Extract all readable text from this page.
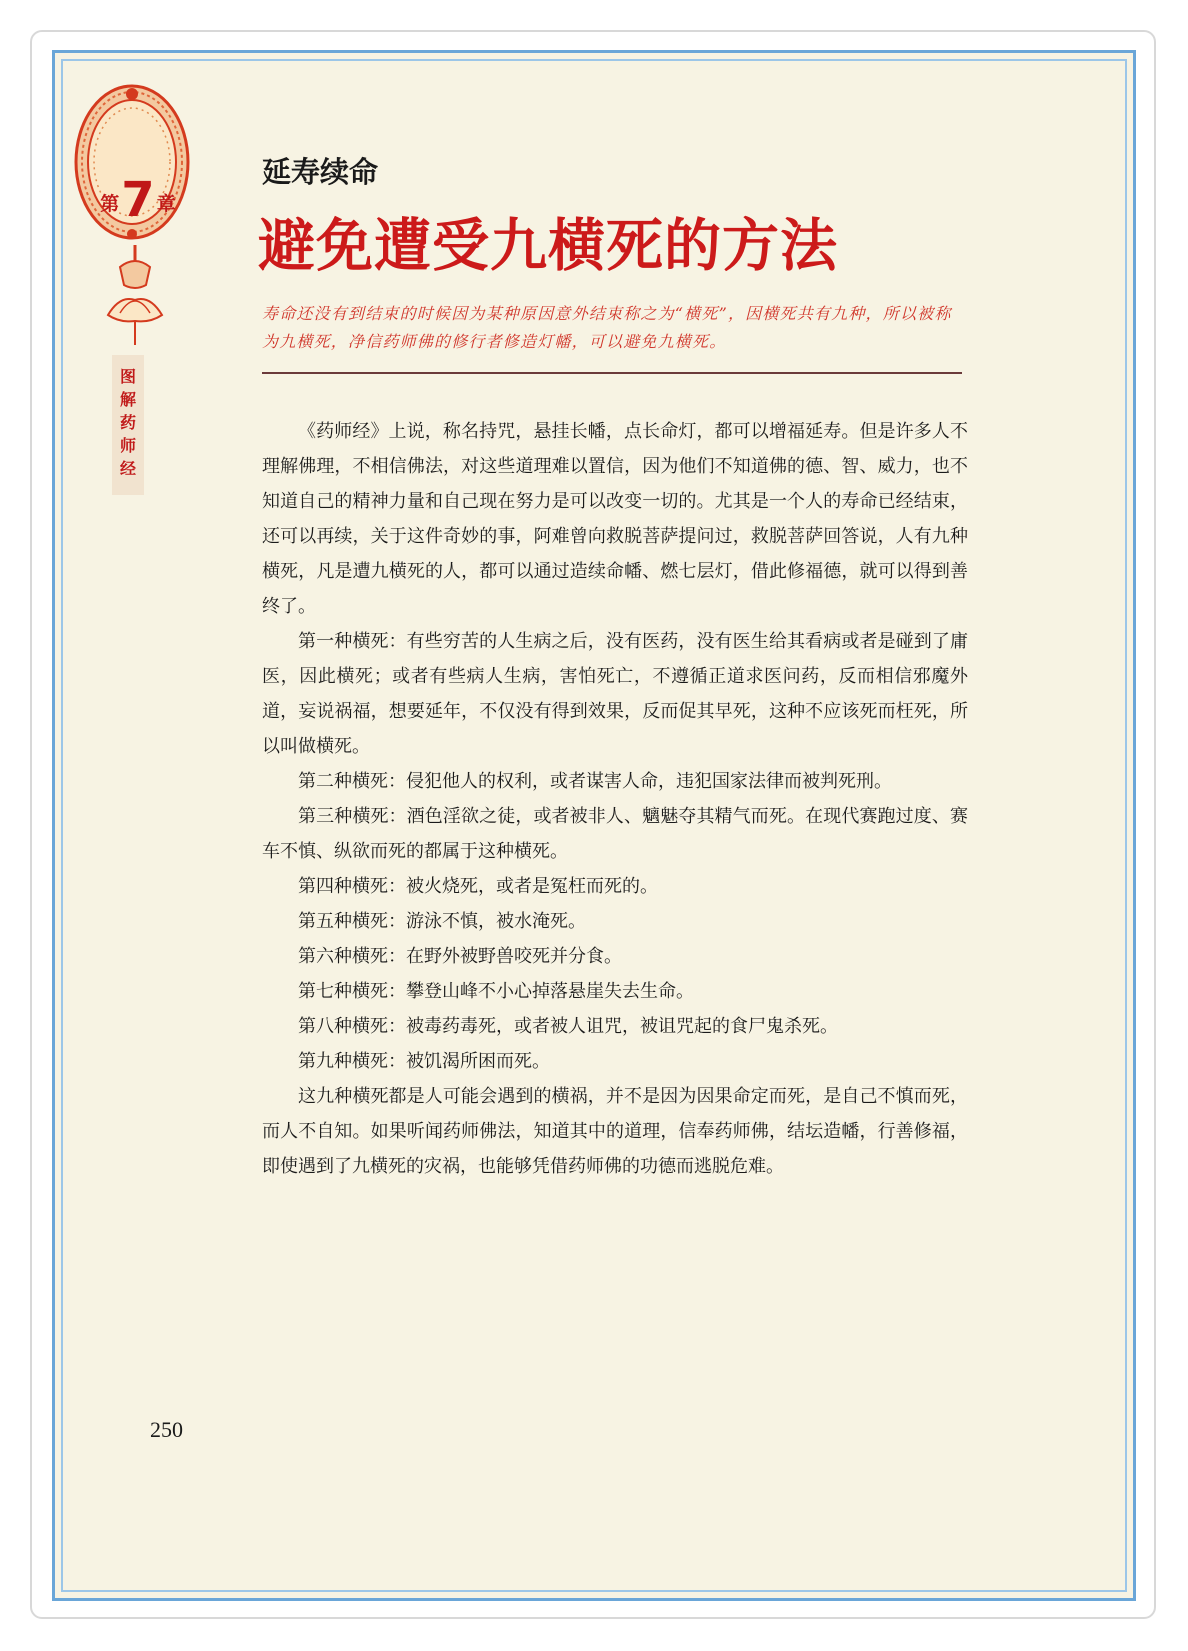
第7 章
图
解
药
师
经
延寿续命
避免遭受九横死的方法
寿命还没有到结束的时候因为某种原因意外结束称之为“横死”，因横死共有九种，所以被称为九横死，净信药师佛的修行者修造灯幡，可以避免九横死。

《药师经》上说，称名持咒，悬挂长幡，点长命灯，都可以增福延寿。但是许多人不理解佛理，不相信佛法，对这些道理难以置信，因为他们不知道佛的德、智、威力，也不知道自己的精神力量和自己现在努力是可以改变一切的。尤其是一个人的寿命已经结束，还可以再续，关于这件奇妙的事，阿难曾向救脱菩萨提问过，救脱菩萨回答说，人有九种横死，凡是遭九横死的人，都可以通过造续命幡、燃七层灯，借此修福德，就可以得到善终了。

第一种横死：有些穷苦的人生病之后，没有医药，没有医生给其看病或者是碰到了庸医，因此横死；或者有些病人生病，害怕死亡，不遵循正道求医问药，反而相信邪魔外道，妄说祸福，想要延年，不仅没有得到效果，反而促其早死，这种不应该死而枉死，所以叫做横死。

第二种横死：侵犯他人的权利，或者谋害人命，违犯国家法律而被判死刑。

第三种横死：酒色淫欲之徒，或者被非人、魑魅夺其精气而死。在现代赛跑过度、赛车不慎、纵欲而死的都属于这种横死。

第四种横死：被火烧死，或者是冤枉而死的。

第五种横死：游泳不慎，被水淹死。

第六种横死：在野外被野兽咬死并分食。

第七种横死：攀登山峰不小心掉落悬崖失去生命。

第八种横死：被毒药毒死，或者被人诅咒，被诅咒起的食尸鬼杀死。

第九种横死：被饥渴所困而死。

这九种横死都是人可能会遇到的横祸，并不是因为因果命定而死，是自己不慎而死，而人不自知。如果听闻药师佛法，知道其中的道理，信奉药师佛，结坛造幡，行善修福，即使遇到了九横死的灾祸，也能够凭借药师佛的功德而逃脱危难。

250
